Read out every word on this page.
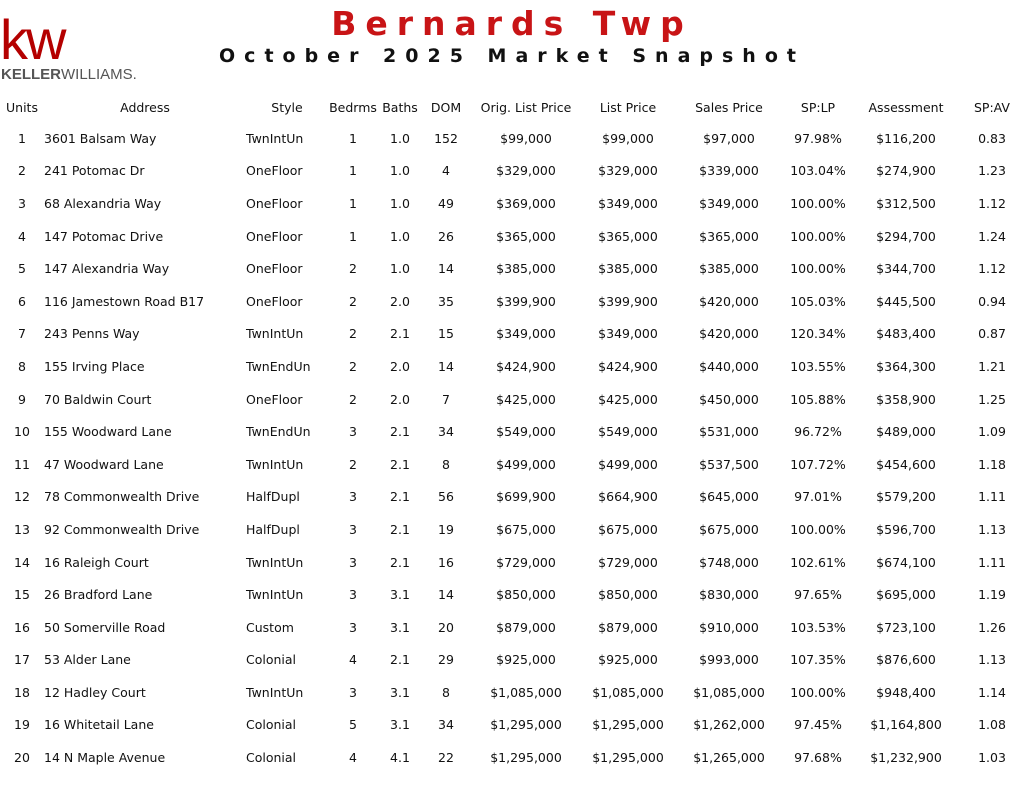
kw
KELLERWILLIAMS.
Bernards Twp
October 2025 Market Snapshot
Units	Address	Style	Bedrms	Baths	DOM	Orig. List Price	List Price	Sales Price	SP:LP	Assessment	SP:AV
1	3601 Balsam Way	TwnIntUn	1	1.0	152	$99,000	$99,000	$97,000	97.98%	$116,200	0.83
2	241 Potomac Dr	OneFloor	1	1.0	4	$329,000	$329,000	$339,000	103.04%	$274,900	1.23
3	68 Alexandria Way	OneFloor	1	1.0	49	$369,000	$349,000	$349,000	100.00%	$312,500	1.12
4	147 Potomac Drive	OneFloor	1	1.0	26	$365,000	$365,000	$365,000	100.00%	$294,700	1.24
5	147 Alexandria Way	OneFloor	2	1.0	14	$385,000	$385,000	$385,000	100.00%	$344,700	1.12
6	116 Jamestown Road B17	OneFloor	2	2.0	35	$399,900	$399,900	$420,000	105.03%	$445,500	0.94
7	243 Penns Way	TwnIntUn	2	2.1	15	$349,000	$349,000	$420,000	120.34%	$483,400	0.87
8	155 Irving Place	TwnEndUn	2	2.0	14	$424,900	$424,900	$440,000	103.55%	$364,300	1.21
9	70 Baldwin Court	OneFloor	2	2.0	7	$425,000	$425,000	$450,000	105.88%	$358,900	1.25
10	155 Woodward Lane	TwnEndUn	3	2.1	34	$549,000	$549,000	$531,000	96.72%	$489,000	1.09
11	47 Woodward Lane	TwnIntUn	2	2.1	8	$499,000	$499,000	$537,500	107.72%	$454,600	1.18
12	78 Commonwealth Drive	HalfDupl	3	2.1	56	$699,900	$664,900	$645,000	97.01%	$579,200	1.11
13	92 Commonwealth Drive	HalfDupl	3	2.1	19	$675,000	$675,000	$675,000	100.00%	$596,700	1.13
14	16 Raleigh Court	TwnIntUn	3	2.1	16	$729,000	$729,000	$748,000	102.61%	$674,100	1.11
15	26 Bradford Lane	TwnIntUn	3	3.1	14	$850,000	$850,000	$830,000	97.65%	$695,000	1.19
16	50 Somerville Road	Custom	3	3.1	20	$879,000	$879,000	$910,000	103.53%	$723,100	1.26
17	53 Alder Lane	Colonial	4	2.1	29	$925,000	$925,000	$993,000	107.35%	$876,600	1.13
18	12 Hadley Court	TwnIntUn	3	3.1	8	$1,085,000	$1,085,000	$1,085,000	100.00%	$948,400	1.14
19	16 Whitetail Lane	Colonial	5	3.1	34	$1,295,000	$1,295,000	$1,262,000	97.45%	$1,164,800	1.08
20	14 N Maple Avenue	Colonial	4	4.1	22	$1,295,000	$1,295,000	$1,265,000	97.68%	$1,232,900	1.03
